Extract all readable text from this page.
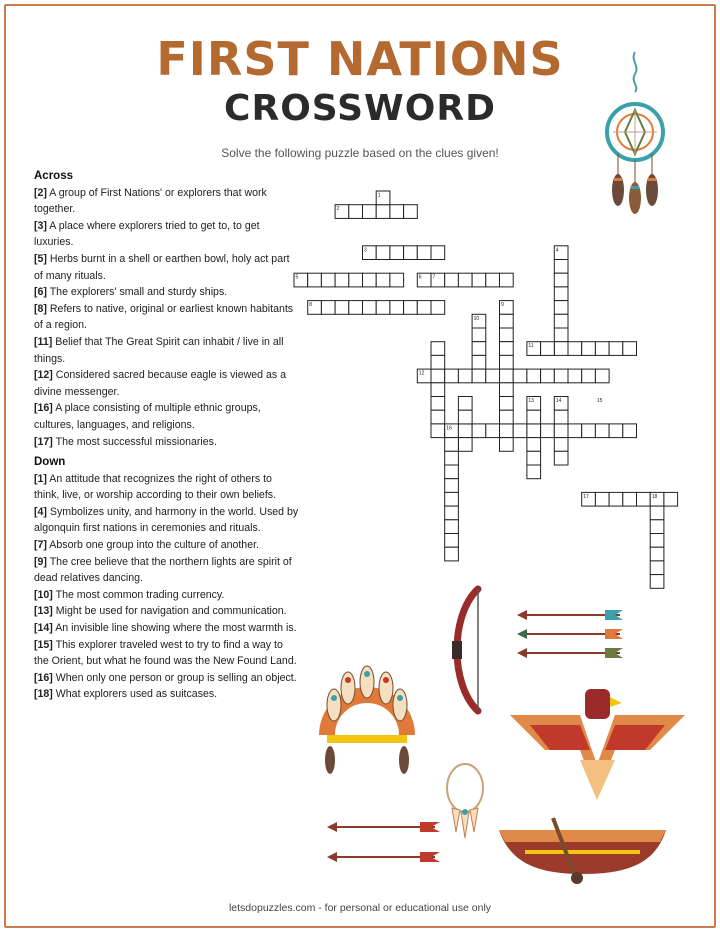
FIRST NATIONS
CROSSWORD

Solve the following puzzle based on the clues given!

Across
[2] A group of First Nations' or explorers that work together.
[3] A place where explorers tried to get to, to get luxuries.
[5] Herbs burnt in a shell or earthen bowl, holy act part of many rituals.
[6] The explorers' small and sturdy ships.
[8] Refers to native, original or earliest known habitants of a region.
[11] Belief that The Great Spirit can inhabit / live in all things.
[12] Considered sacred because eagle is viewed as a divine messenger.
[16] A place consisting of multiple ethnic groups, cultures, languages, and religions.
[17] The most successful missionaries.
Down
[1] An attitude that recognizes the right of others to think, live, or worship according to their own beliefs.
[4] Symbolizes unity, and harmony in the world. Used by algonquin first nations in ceremonies and rituals.
[7] Absorb one group into the culture of another.
[9] The cree believe that the northern lights are spirit of dead relatives dancing.
[10] The most common trading currency.
[13] Might be used for navigation and communication.
[14] An invisible line showing where the most warmth is.
[15] This explorer traveled west to try to find a way to the Orient, but what he found was the New Found Land.
[16] When only one person or group is selling an object.
[18] What explorers used as suitcases.
1
2
3	4
5	6 7
8	9
10
11
12
13	14	15
16
17	18
letsdopuzzles.com - for personal or educational use only
